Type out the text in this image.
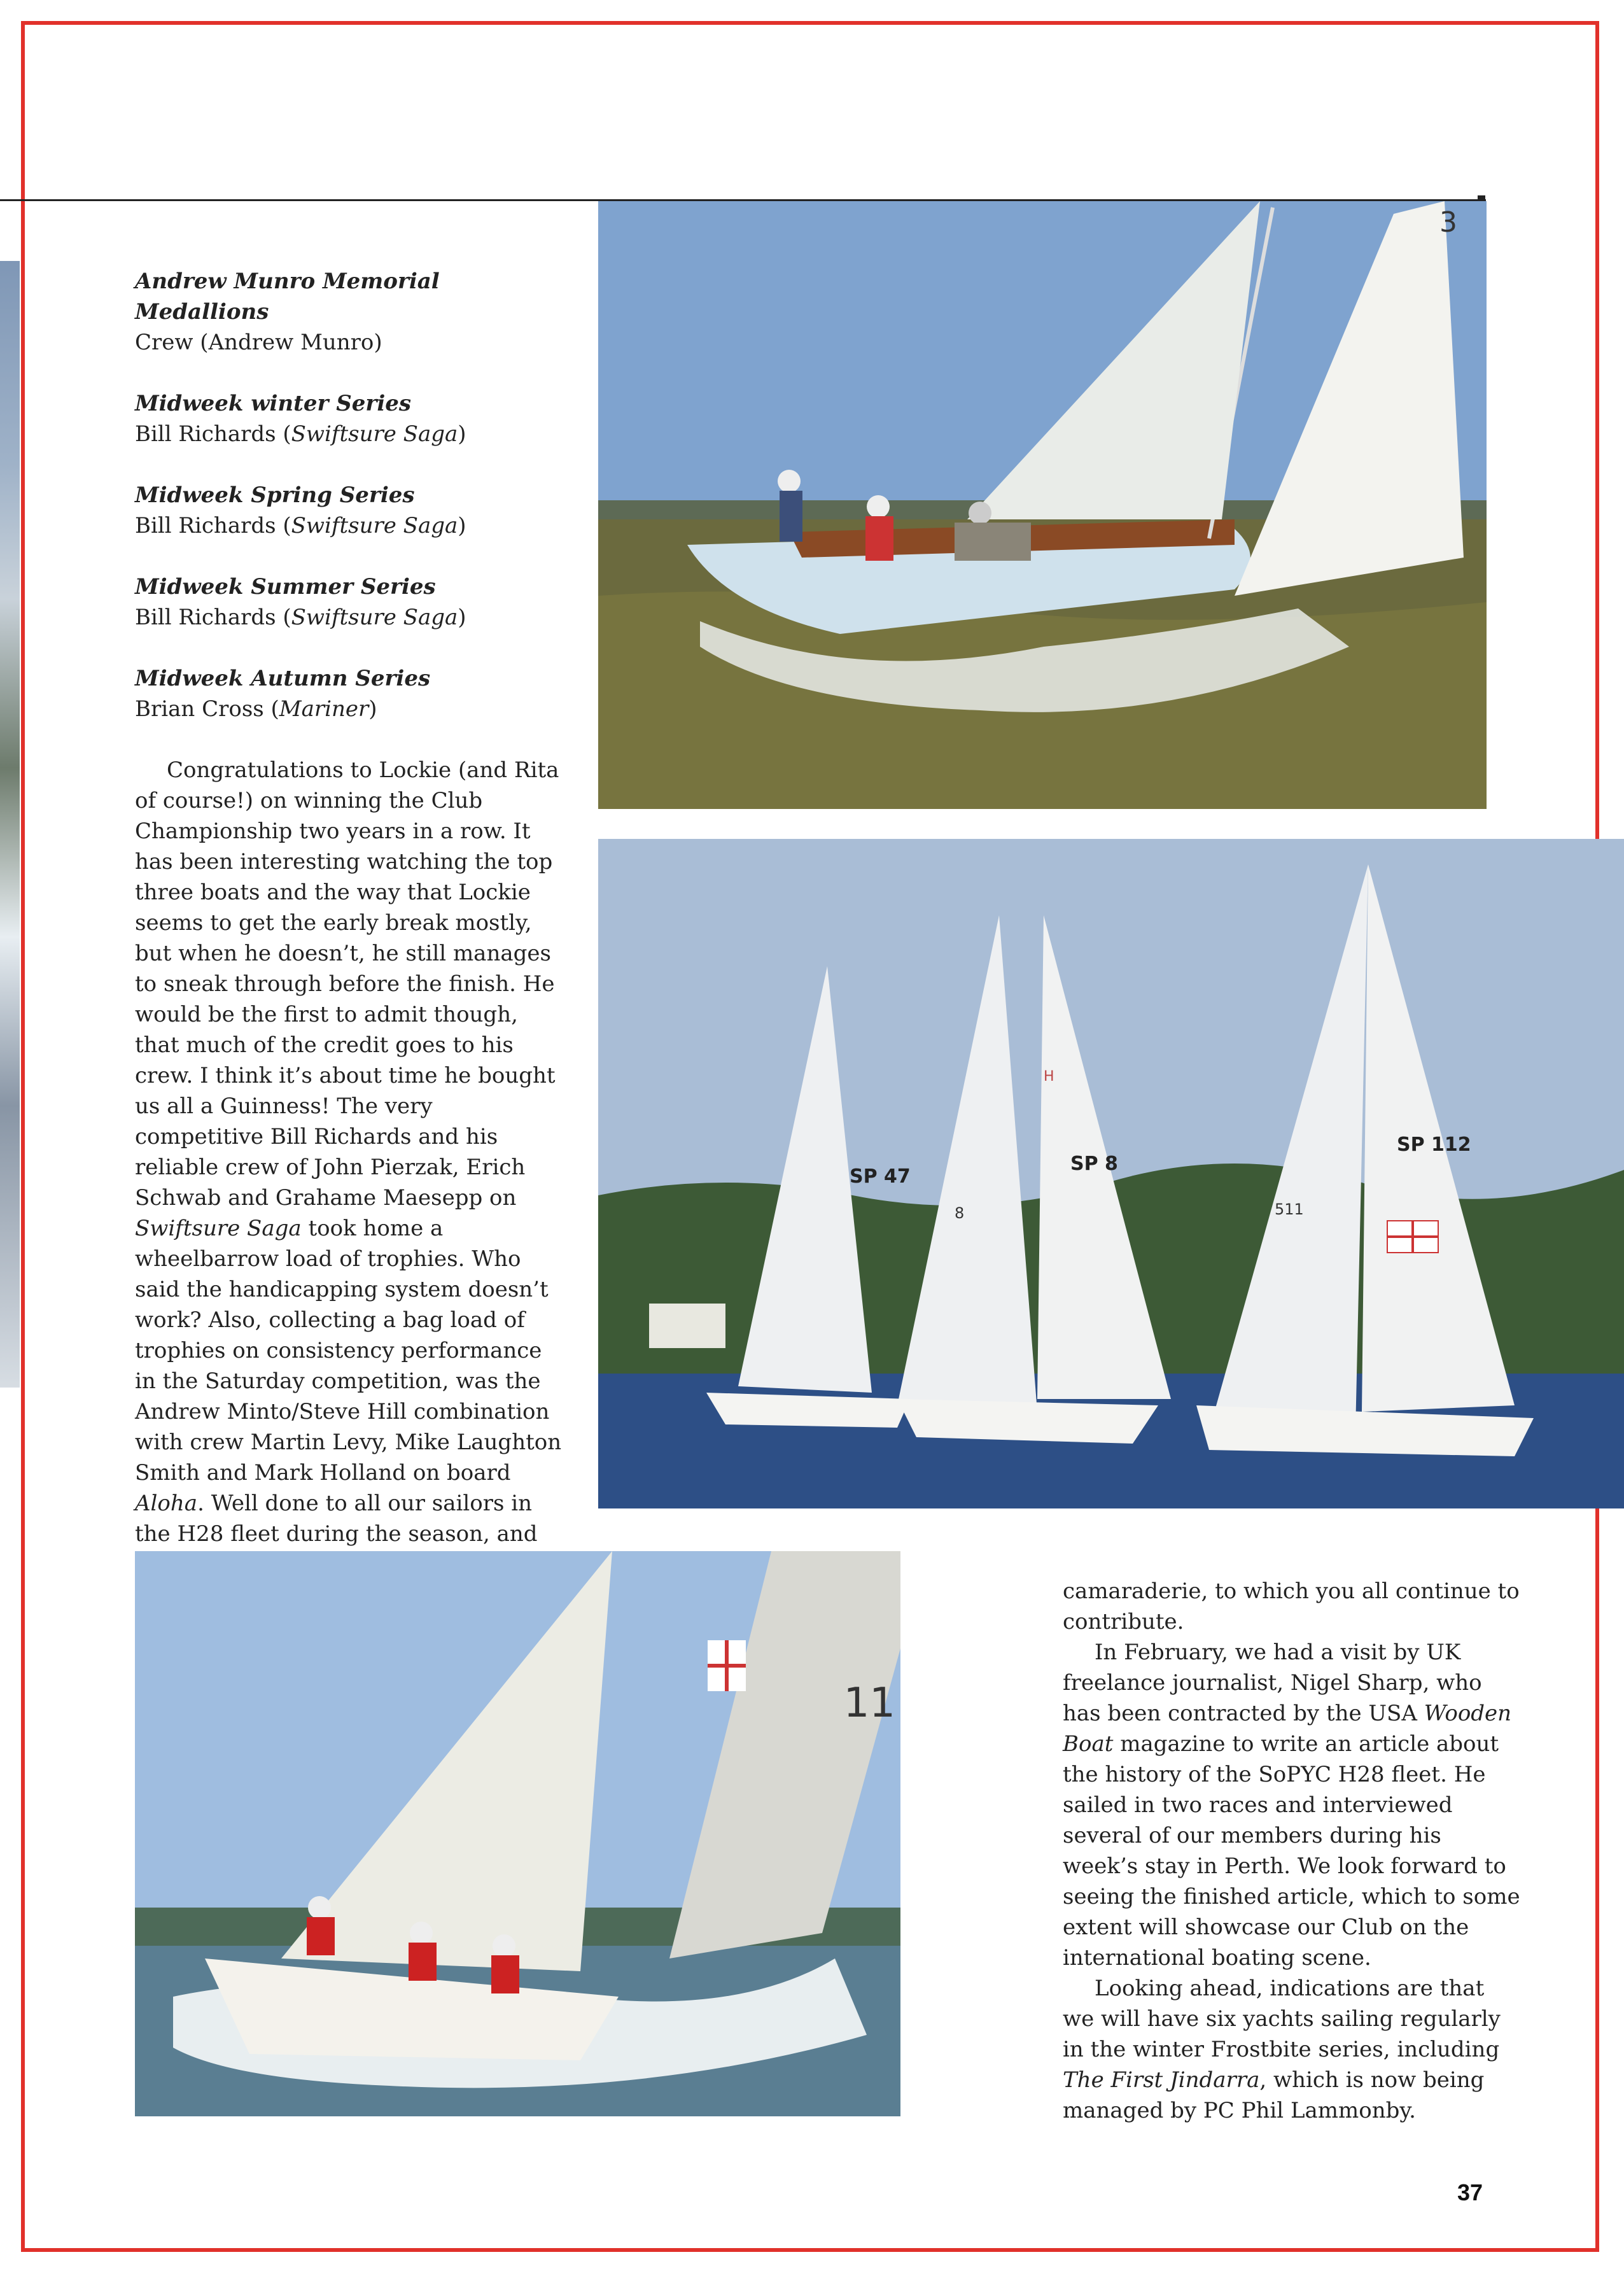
Andrew Munro Memorial Medallions
Crew (Andrew Munro)
Midweek winter Series
Bill Richards (Swiftsure Saga)
Midweek Spring Series
Bill Richards (Swiftsure Saga)
Midweek Summer Series
Bill Richards (Swiftsure Saga)
Midweek Autumn Series
Brian Cross (Mariner)

Congratulations to Lockie (and Rita of course!) on winning the Club Championship two years in a row. It has been interesting watching the top three boats and the way that Lockie seems to get the early break mostly, but when he doesn’t, he still manages to sneak through before the finish. He would be the first to admit though, that much of the credit goes to his crew. I think it’s about time he bought us all a Guinness! The very competitive Bill Richards and his reliable crew of John Pierzak, Erich Schwab and Grahame Maesepp on Swiftsure Saga took home a wheelbarrow load of trophies. Who said the handicapping system doesn’t work? Also, collecting a bag load of trophies on consistency performance in the Saturday competition, was the Andrew Minto/Steve Hill combination with crew Martin Levy, Mike Laughton Smith and Mark Holland on board Aloha. Well done to all our sailors in the H28 fleet during the season, and

camaraderie, to which you all continue to contribute.

In February, we had a visit by UK freelance journalist, Nigel Sharp, who has been contracted by the USA Wooden Boat magazine to write an article about the history of the SoPYC H28 fleet. He sailed in two races and interviewed several of our members during his week’s stay in Perth. We look forward to seeing the finished article, which to some extent will showcase our Club on the international boating scene.

Looking ahead, indications are that we will have six yachts sailing regularly in the winter Frostbite series, including The First Jindarra, which is now being managed by PC Phil Lammonby.

3
SP 47
SP 8
SP 112
8	511
H
11
37
